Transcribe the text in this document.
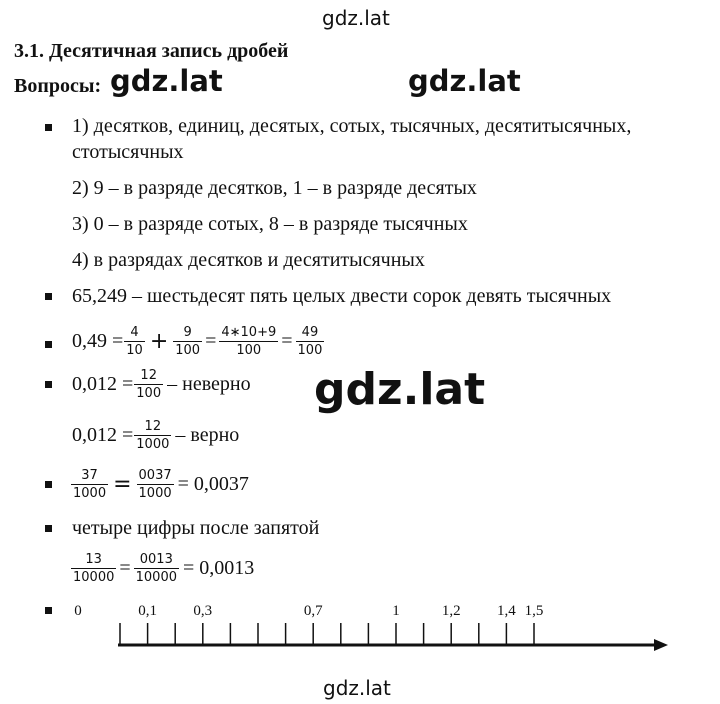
gdz.lat
gdz.lat	gdz.lat
gdz.lat
gdz.lat
3.1. Десятичная запись дробей
Вопросы:
1) десятков, единиц, десятых, сотых, тысячных, десятитысячных,
стотысячных
2) 9 – в разряде десятков, 1 – в разряде десятых
3) 0 – в разряде сотых, 8 – в разряде тысячных
4) в разрядах десятков и десятитысячных
65,249 – шестьдесят пять целых двести сорок девять тысячных
$0,49 = \frac{4}{10} + \frac{9}{100} = \frac{4∗10+9}{100} = \frac{49}{100}$
$0,012 = \frac{12}{100}$ – неверно
$0,012 = \frac{12}{1000}$ – верно
$\frac{37}{1000} = \frac{0037}{1000} = 0,0037$
четыре цифры после запятой
$\frac{13}{10000} = \frac{0013}{10000} = 0,0013$
0	0,1 0,3	0,7	1	1,2 1,4 1,5
